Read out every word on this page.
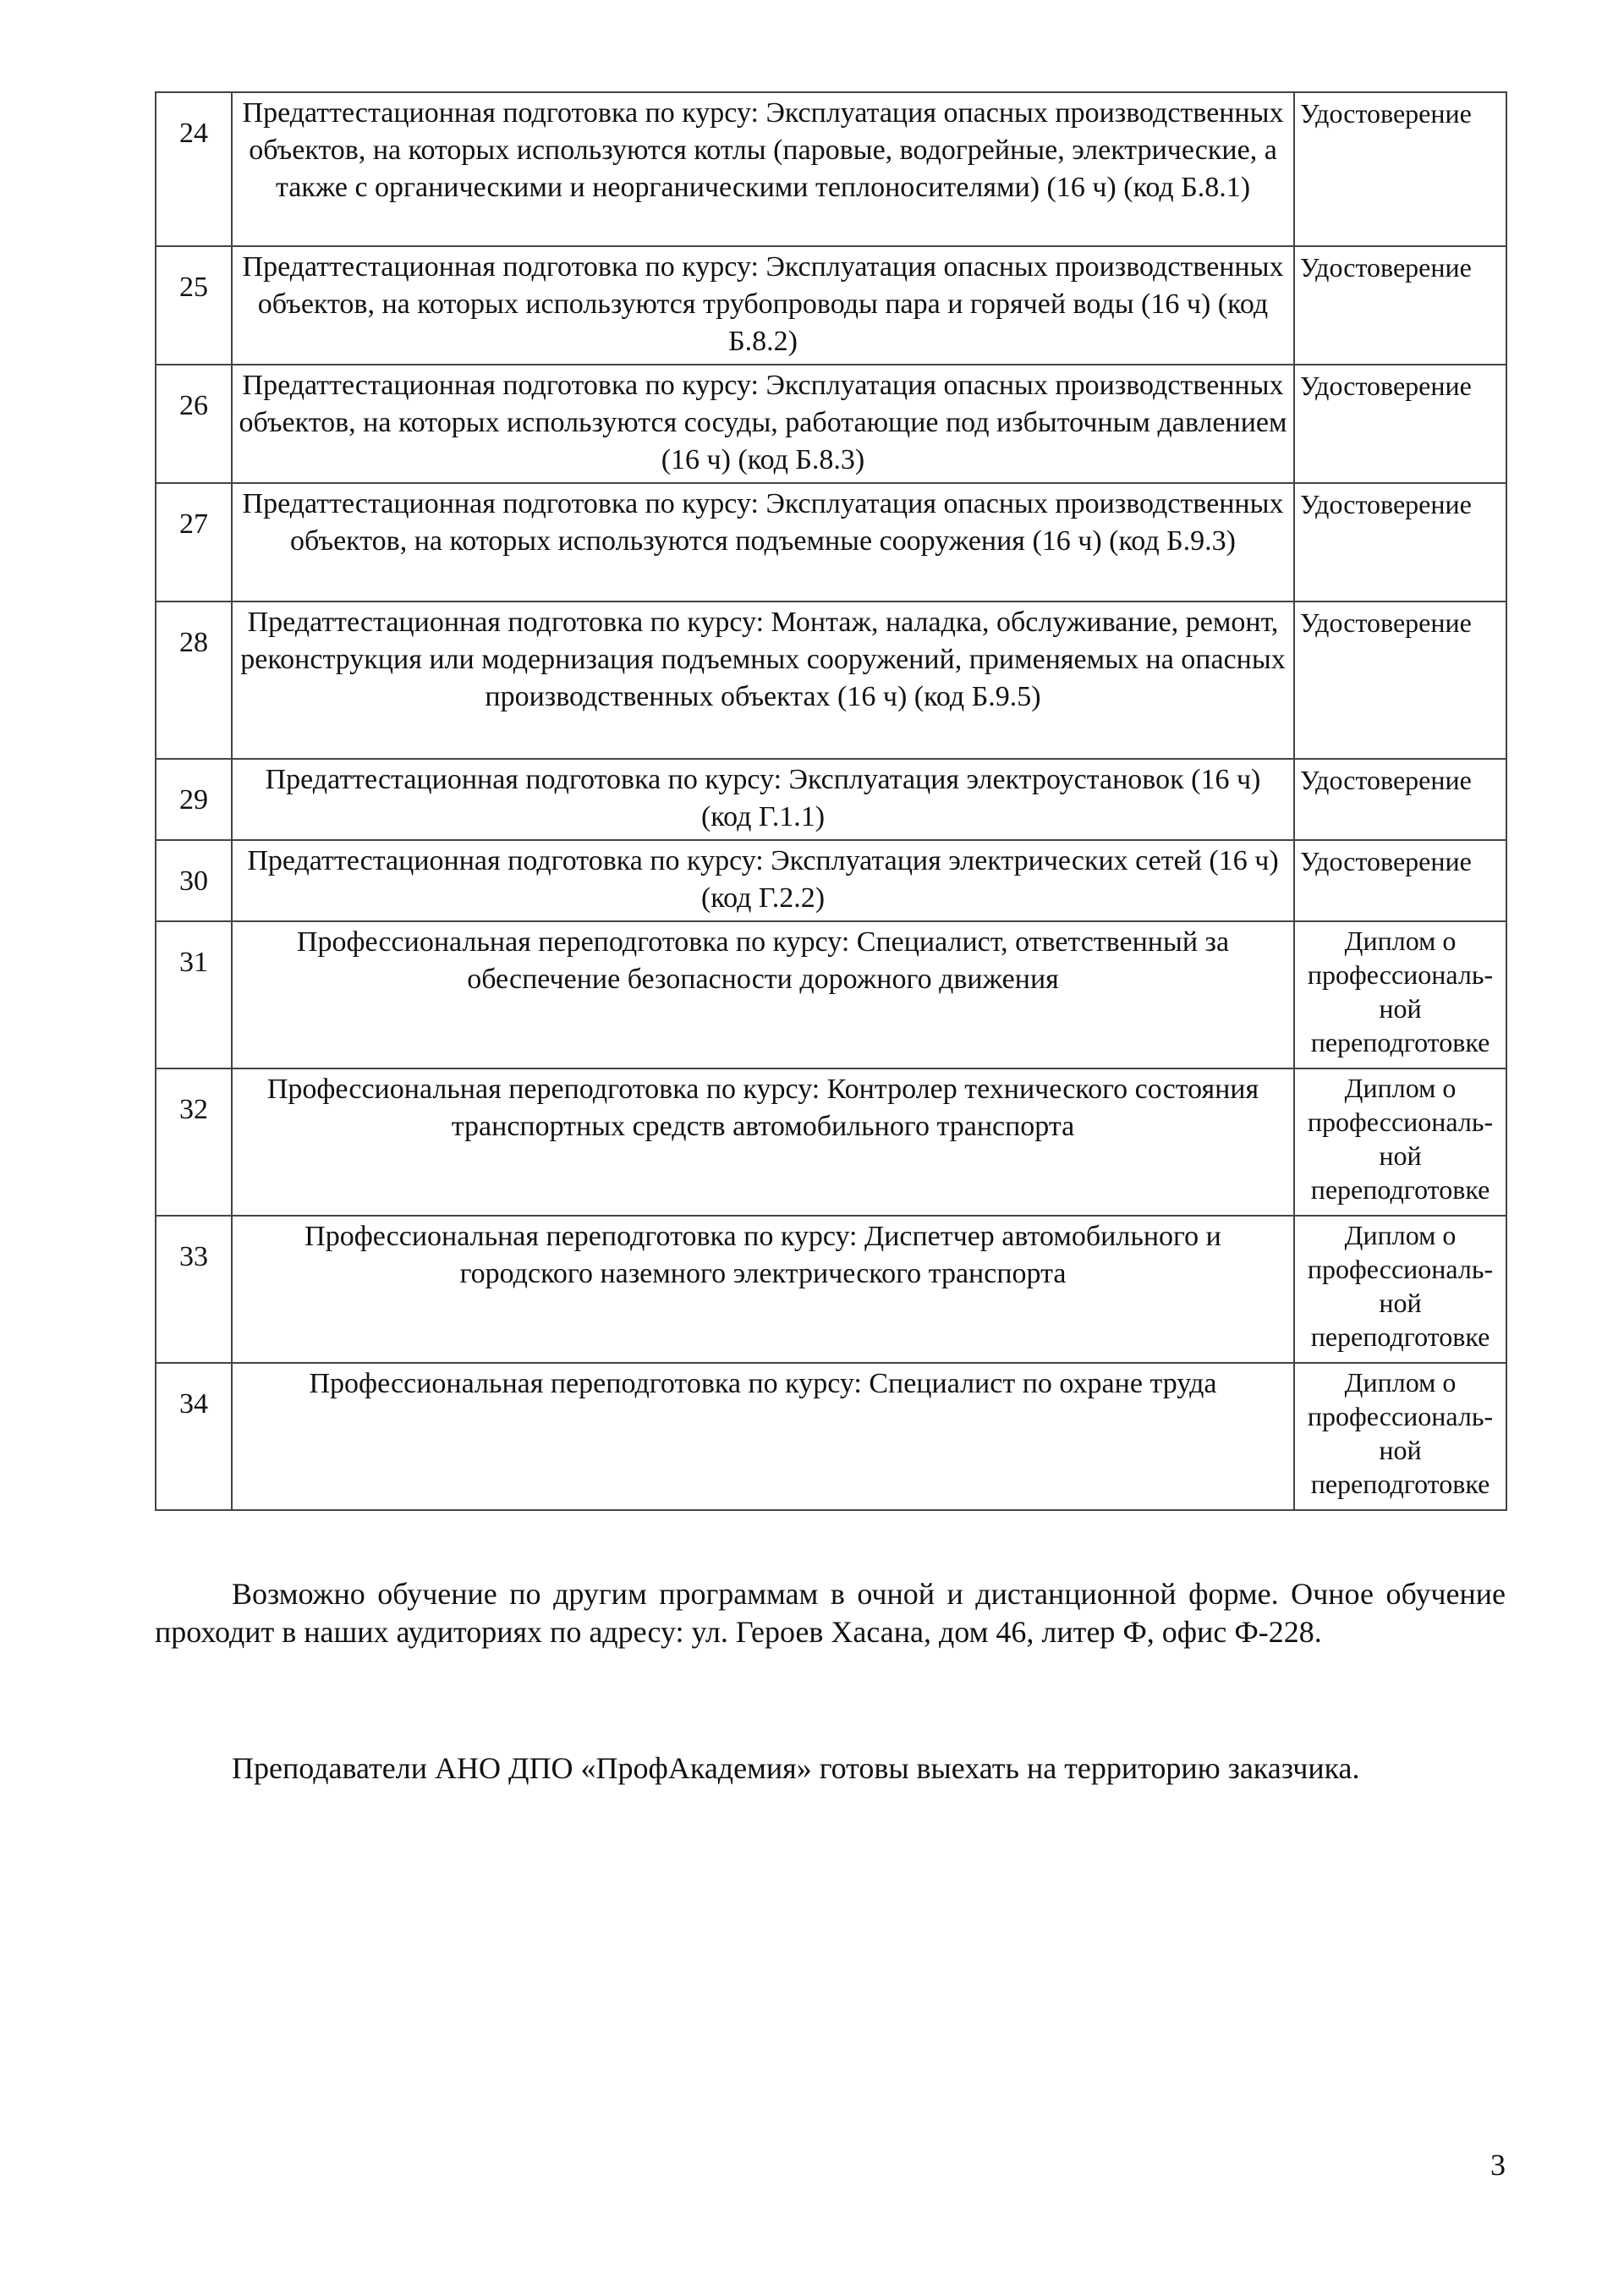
24	Предаттестационная подготовка по курсу: Эксплуатация опасных производственных объектов, на которых используются котлы (паровые, водогрейные, электрические, а также с органическими и неорганическими теплоносителями) (16 ч) (код Б.8.1)	Удостоверение
25	Предаттестационная подготовка по курсу: Эксплуатация опасных производственных объектов, на которых используются трубопроводы пара и горячей воды (16 ч) (код Б.8.2)	Удостоверение
26	Предаттестационная подготовка по курсу: Эксплуатация опасных производственных объектов, на которых используются сосуды, работающие под избыточным давлением (16 ч) (код Б.8.3)	Удостоверение
27	Предаттестационная подготовка по курсу: Эксплуатация опасных производственных объектов, на которых используются подъемные сооружения (16 ч) (код Б.9.3)	Удостоверение
28	Предаттестационная подготовка по курсу: Монтаж, наладка, обслуживание, ремонт, реконструкция или модернизация подъемных сооружений, применяемых на опасных производственных объектах (16 ч) (код Б.9.5)	Удостоверение
29	Предаттестационная подготовка по курсу: Эксплуатация электроустановок (16 ч) (код Г.1.1)	Удостоверение
30	Предаттестационная подготовка по курсу: Эксплуатация электрических сетей (16 ч) (код Г.2.2)	Удостоверение
31	Профессиональная переподготовка по курсу: Специалист, ответственный за обеспечение безопасности дорожного движения	Диплом о профессиональ-ной переподготовке
32	Профессиональная переподготовка по курсу: Контролер технического состояния транспортных средств автомобильного транспорта	Диплом о профессиональ-ной переподготовке
33	Профессиональная переподготовка по курсу: Диспетчер автомобильного и городского наземного электрического транспорта	Диплом о профессиональ-ной переподготовке
34	Профессиональная переподготовка по курсу: Специалист по охране труда	Диплом о профессиональ-ной переподготовке

Возможно обучение по другим программам в очной и дистанционной форме. Очное обучение проходит в наших аудиториях по адресу: ул. Героев Хасана, дом 46, литер Ф, офис Ф-228.

Преподаватели АНО ДПО «ПрофАкадемия» готовы выехать на территорию заказчика.

3
